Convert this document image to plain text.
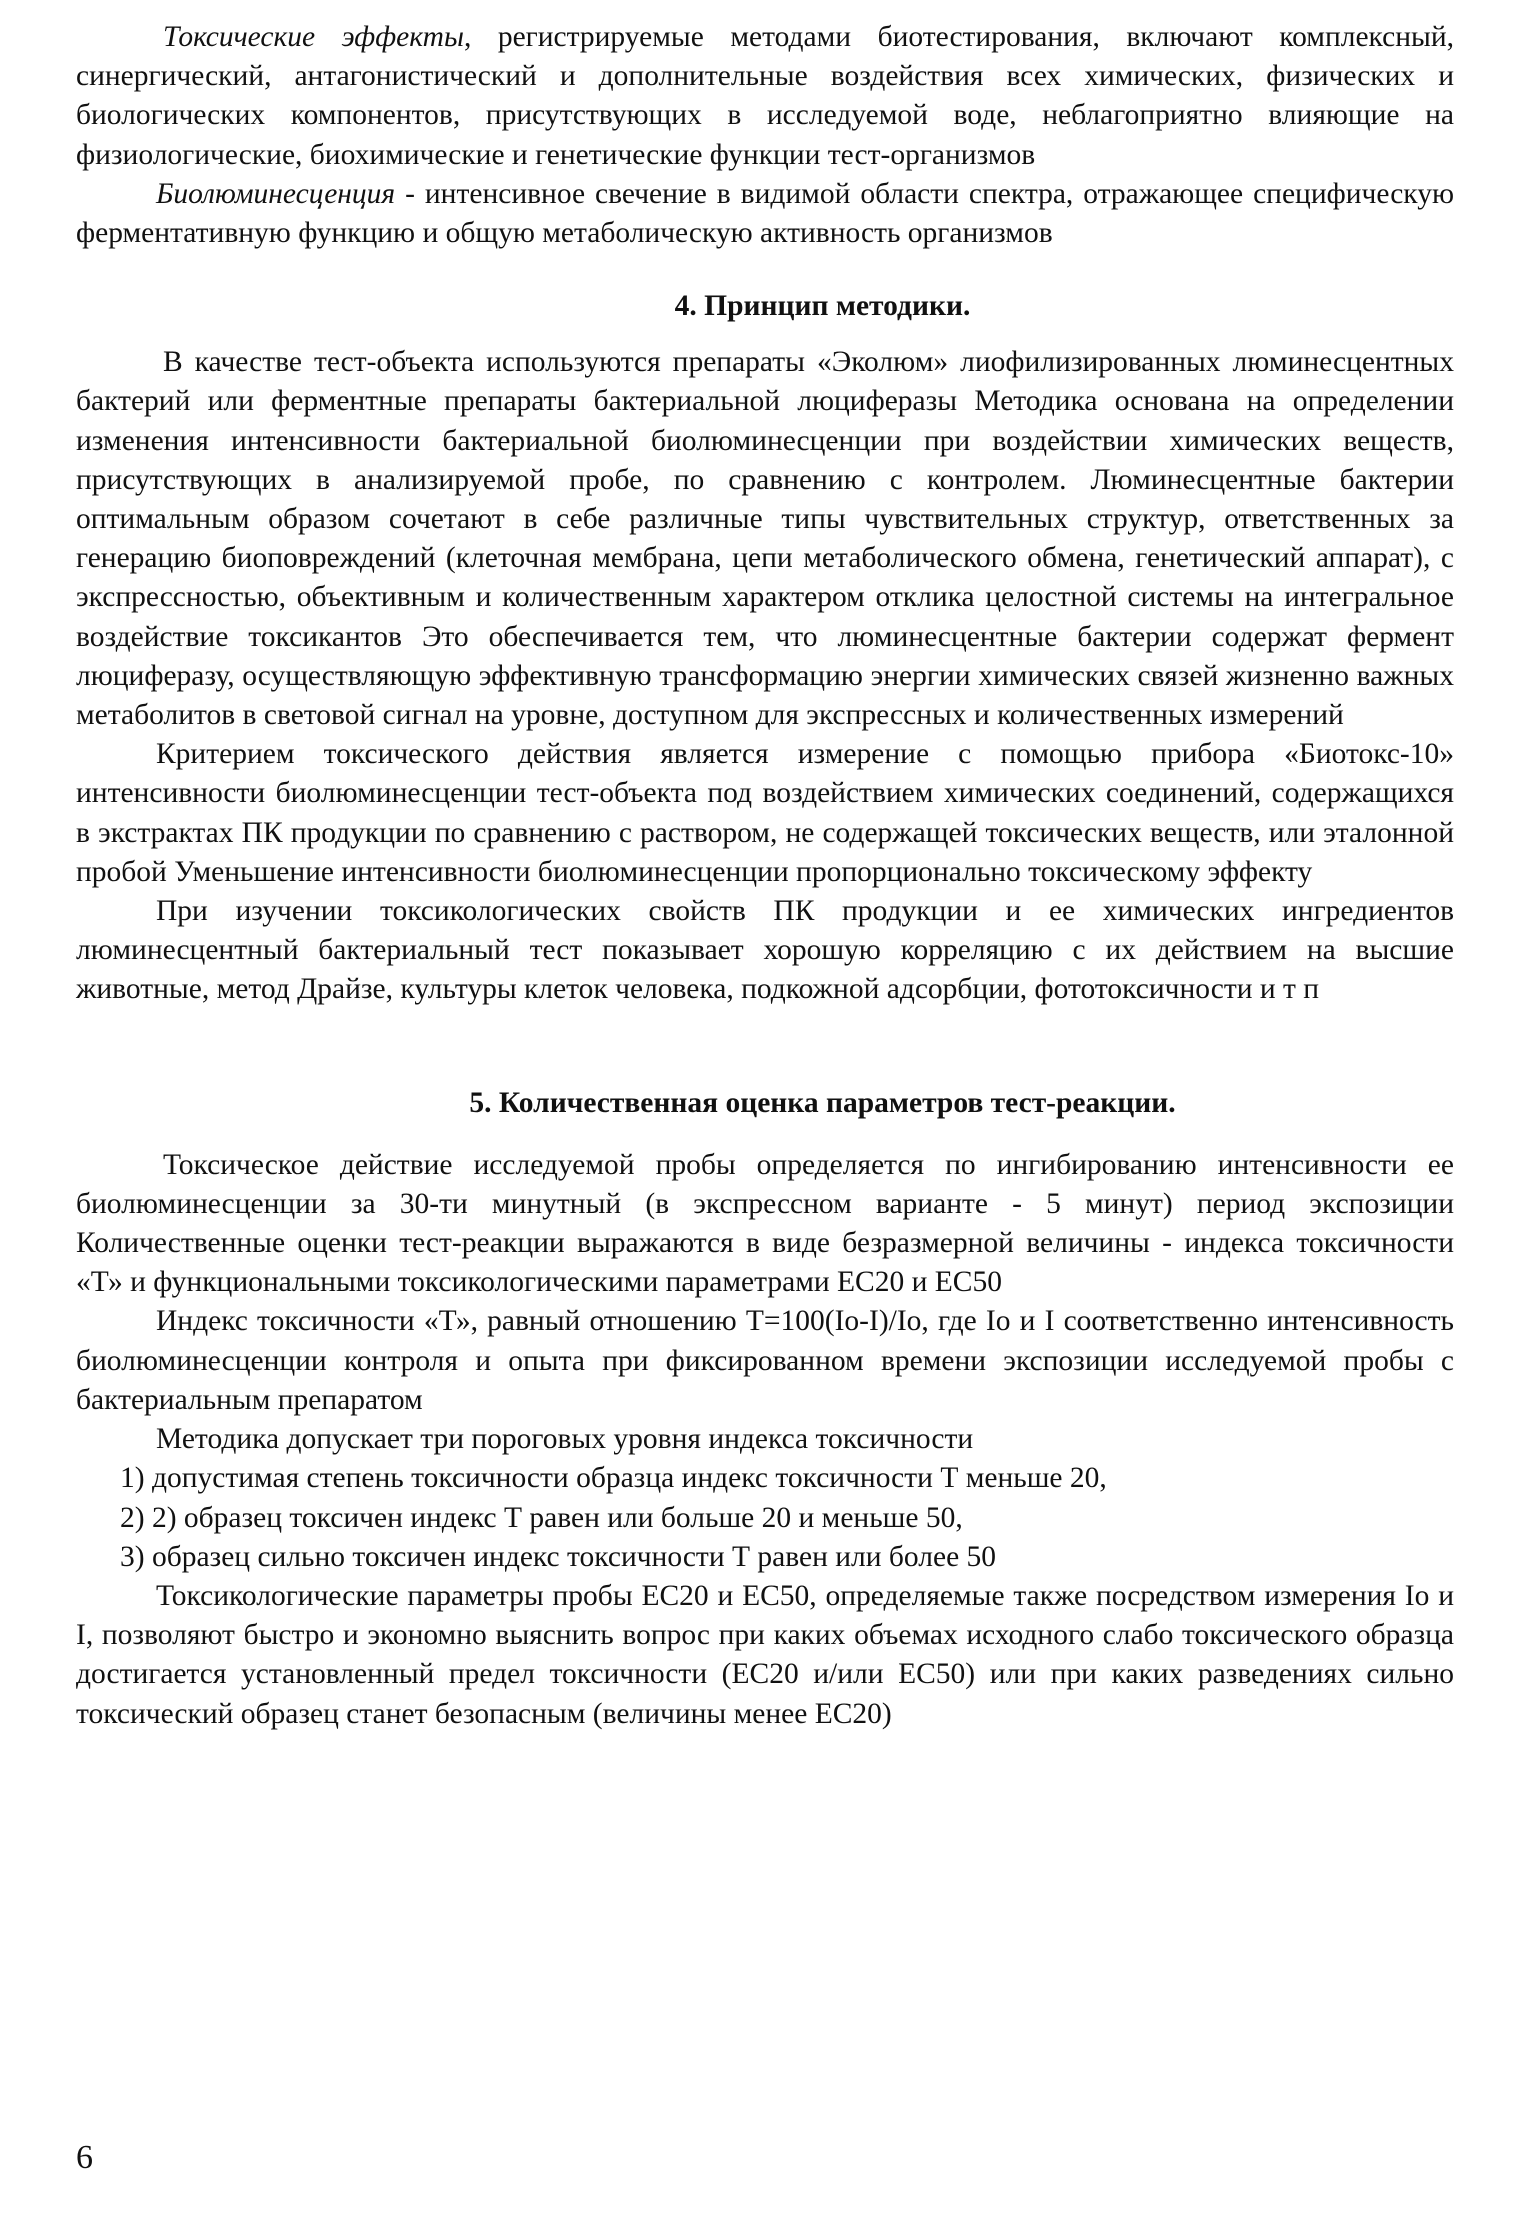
Токсические эффекты, регистрируемые методами биотестирования, включают комплексный, синергический, антагонистический и дополнительные воздействия всех химических, физических и биологических компонентов, присутствующих в исследуемой воде, неблагоприятно влияющие на физиологические, биохимические и генетические функции тест-организмов

Биолюминесценция - интенсивное свечение в видимой области спектра, отражающее специфическую ферментативную функцию и общую метаболическую активность организмов

4. Принцип методики.

В качестве тест-объекта используются препараты «Эколюм» лиофилизированных люминесцентных бактерий или ферментные препараты бактериальной люциферазы Методика основана на определении изменения интенсивности бактериальной биолюминесценции при воздействии химических веществ, присутствующих в анализируемой пробе, по сравнению с контролем. Люминесцентные бактерии оптимальным образом сочетают в себе различные типы чувствительных структур, ответственных за генерацию биоповреждений (клеточная мембрана, цепи метаболического обмена, генетический аппарат), с экспрессностью, объективным и количественным характером отклика целостной системы на интегральное воздействие токсикантов Это обеспечивается тем, что люминесцентные бактерии содержат фермент люциферазу, осуществляющую эффективную трансформацию энергии химических связей жизненно важных метаболитов в световой сигнал на уровне, доступном для экспрессных и количественных измерений

Критерием токсического действия является измерение с помощью прибора «Биотокс-10» интенсивности биолюминесценции тест-объекта под воздействием химических соединений, содержащихся в экстрактах ПК продукции по сравнению с раствором, не содержащей токсических веществ, или эталонной пробой Уменьшение интенсивности биолюминесценции пропорционально токсическому эффекту

При изучении токсикологических свойств ПК продукции и ее химических ингредиентов люминесцентный бактериальный тест показывает хорошую корреляцию с их действием на высшие животные, метод Драйзе, культуры клеток человека, подкожной адсорбции, фототоксичности и т п

5. Количественная оценка параметров тест-реакции.

Токсическое действие исследуемой пробы определяется по ингибированию интенсивности ее биолюминесценции за 30-ти минутный (в экспрессном варианте - 5 минут) период экспозиции Количественные оценки тест-реакции выражаются в виде безразмерной величины - индекса токсичности «Т» и функциональными токсикологическими параметрами ЕС20 и ЕС50

Индекс токсичности «Т», равный отношению Т=100(Iо-I)/Iо, где Iо и I соответственно интенсивность биолюминесценции контроля и опыта при фиксированном времени экспозиции исследуемой пробы с бактериальным препаратом

Методика допускает три пороговых уровня индекса токсичности

1) допустимая степень токсичности образца индекс токсичности Т меньше 20,
2) 2) образец токсичен индекс Т равен или больше 20 и меньше 50,
3) образец сильно токсичен индекс токсичности Т равен или более 50

Токсикологические параметры пробы ЕС20 и ЕС50, определяемые также посредством измерения Iо и I, позволяют быстро и экономно выяснить вопрос при каких объемах исходного слабо токсического образца достигается установленный предел токсичности (ЕС20 и/или ЕС50) или при каких разведениях сильно токсический образец станет безопасным (величины менее ЕС20)

6
